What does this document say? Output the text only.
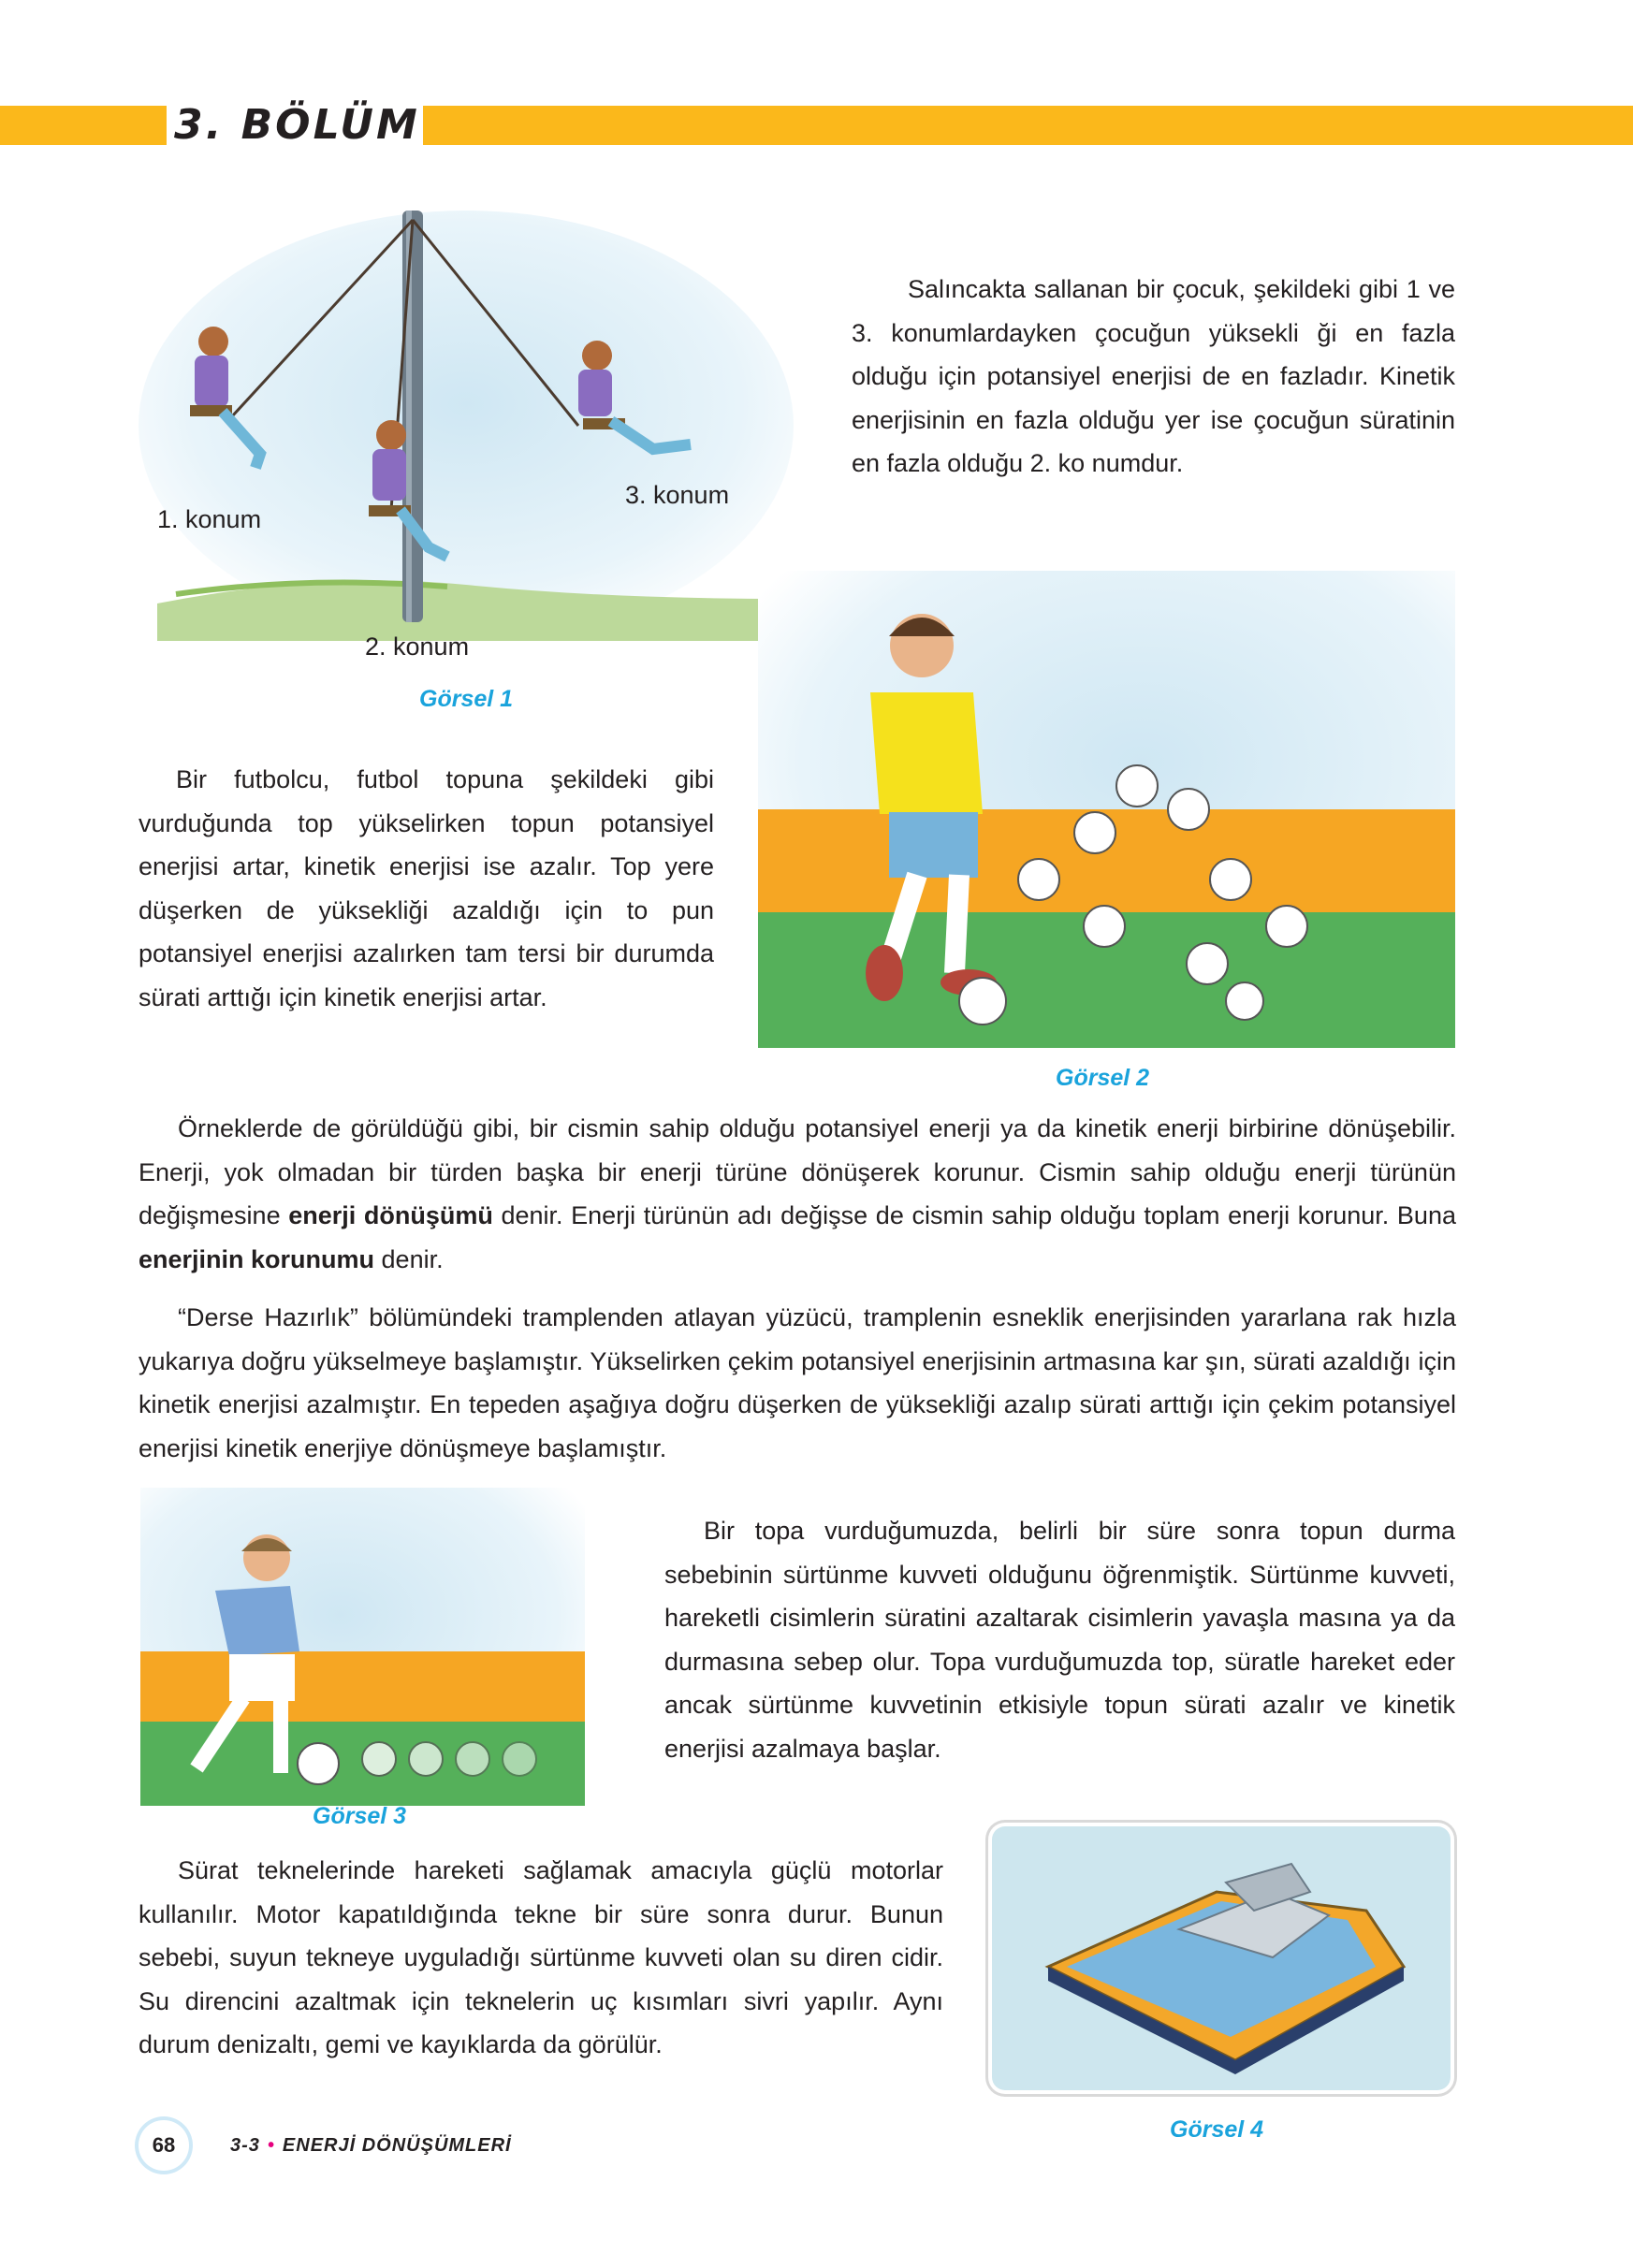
3. BÖLÜM
1. konum
3. konum
2. konum
Görsel 1

Salıncakta sallanan bir çocuk, şekildeki gibi 1 ve 3. konumlardayken çocuğun yüksekli ği en fazla olduğu için potansiyel enerjisi de en fazladır. Kinetik enerjisinin en fazla olduğu yer ise çocuğun süratinin en fazla olduğu 2. ko numdur.

Görsel 2

Bir futbolcu, futbol topuna şekildeki gibi vurduğunda top yükselirken topun potansiyel enerjisi artar, kinetik enerjisi ise azalır. Top yere düşerken de yüksekliği azaldığı için to pun potansiyel enerjisi azalırken tam tersi bir durumda sürati arttığı için kinetik enerjisi artar.

Örneklerde de görüldüğü gibi, bir cismin sahip olduğu potansiyel enerji ya da kinetik enerji birbirine dönüşebilir. Enerji, yok olmadan bir türden başka bir enerji türüne dönüşerek korunur. Cismin sahip olduğu enerji türünün değişmesine enerji dönüşümü denir. Enerji türünün adı değişse de cismin sahip olduğu toplam enerji korunur. Buna enerjinin korunumu denir.

“Derse Hazırlık” bölümündeki tramplenden atlayan yüzücü, tramplenin esneklik enerjisinden yararlana rak hızla yukarıya doğru yükselmeye başlamıştır. Yükselirken çekim potansiyel enerjisinin artmasına kar şın, sürati azaldığı için kinetik enerjisi azalmıştır. En tepeden aşağıya doğru düşerken de yüksekliği azalıp sürati arttığı için çekim potansiyel enerjisi kinetik enerjiye dönüşmeye başlamıştır.

Görsel 3

Bir topa vurduğumuzda, belirli bir süre sonra topun durma sebebinin sürtünme kuvveti olduğunu öğrenmiştik. Sürtünme kuvveti, hareketli cisimlerin süratini azaltarak cisimlerin yavaşla masına ya da durmasına sebep olur. Topa vurduğumuzda top, süratle hareket eder ancak sürtünme kuvvetinin etkisiyle topun sürati azalır ve kinetik enerjisi azalmaya başlar.

Sürat teknelerinde hareketi sağlamak amacıyla güçlü motorlar kullanılır. Motor kapatıldığında tekne bir süre sonra durur. Bunun sebebi, suyun tekneye uyguladığı sürtünme kuvveti olan su diren cidir. Su direncini azaltmak için teknelerin uç kısımları sivri yapılır. Aynı durum denizaltı, gemi ve kayıklarda da görülür.

Görsel 4
68	3-3 • ENERJİ DÖNÜŞÜMLERİ
